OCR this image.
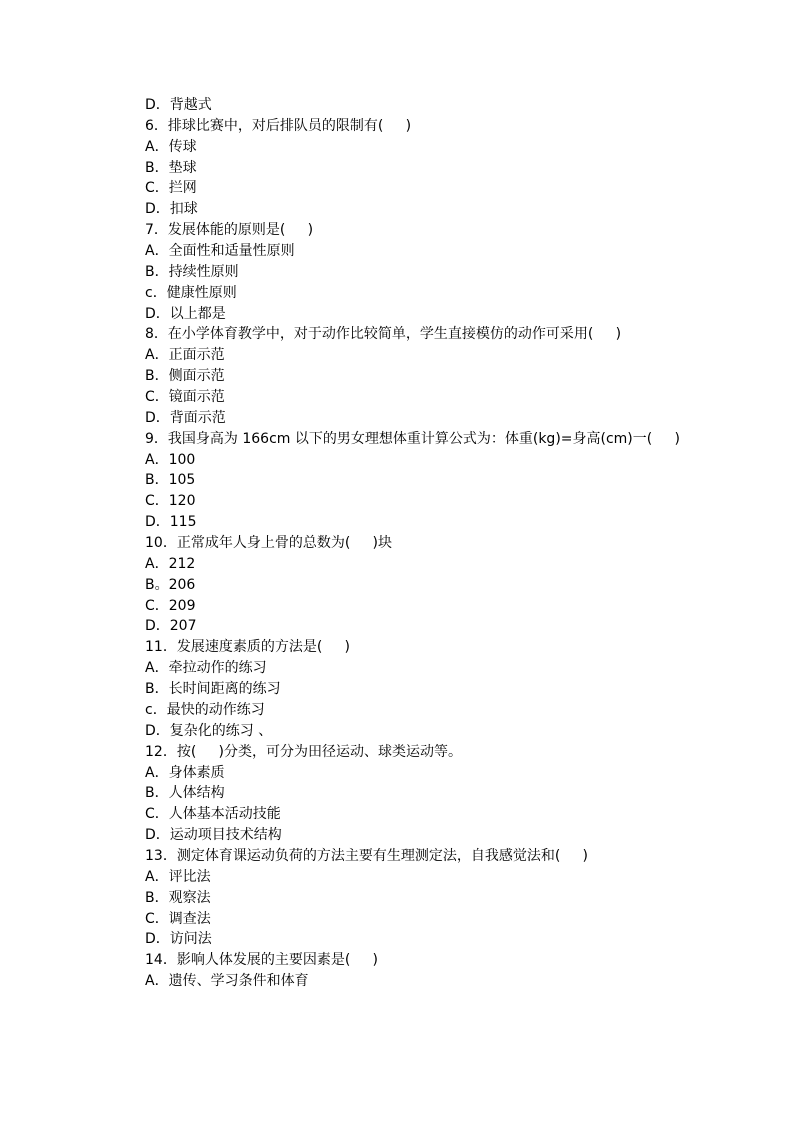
D．背越式
6．排球比赛中，对后排队员的限制有(     )
A．传球
B．垫球
C．拦网
D．扣球
7．发展体能的原则是(     )
A．全面性和适量性原则
B．持续性原则
c．健康性原则
D．以上都是
8．在小学体育教学中，对于动作比较简单，学生直接模仿的动作可采用(     )
A．正面示范
B．侧面示范
C．镜面示范
D．背面示范
9．我国身高为 166cm 以下的男女理想体重计算公式为：体重(kg)=身高(cm)一(     )
A．100
B．105
C．120
D．115
10．正常成年人身上骨的总数为(     )块
A．212
B。206
C．209
D．207
11．发展速度素质的方法是(     )
A．牵拉动作的练习
B．长时间距离的练习
c．最快的动作练习
D．复杂化的练习 、
12．按(     )分类，可分为田径运动、球类运动等。
A．身体素质
B．人体结构
C．人体基本活动技能
D．运动项目技术结构
13．测定体育课运动负荷的方法主要有生理测定法，自我感觉法和(     )
A．评比法
B．观察法
C．调查法
D．访问法
14．影响人体发展的主要因素是(     )
A．遗传、学习条件和体育
